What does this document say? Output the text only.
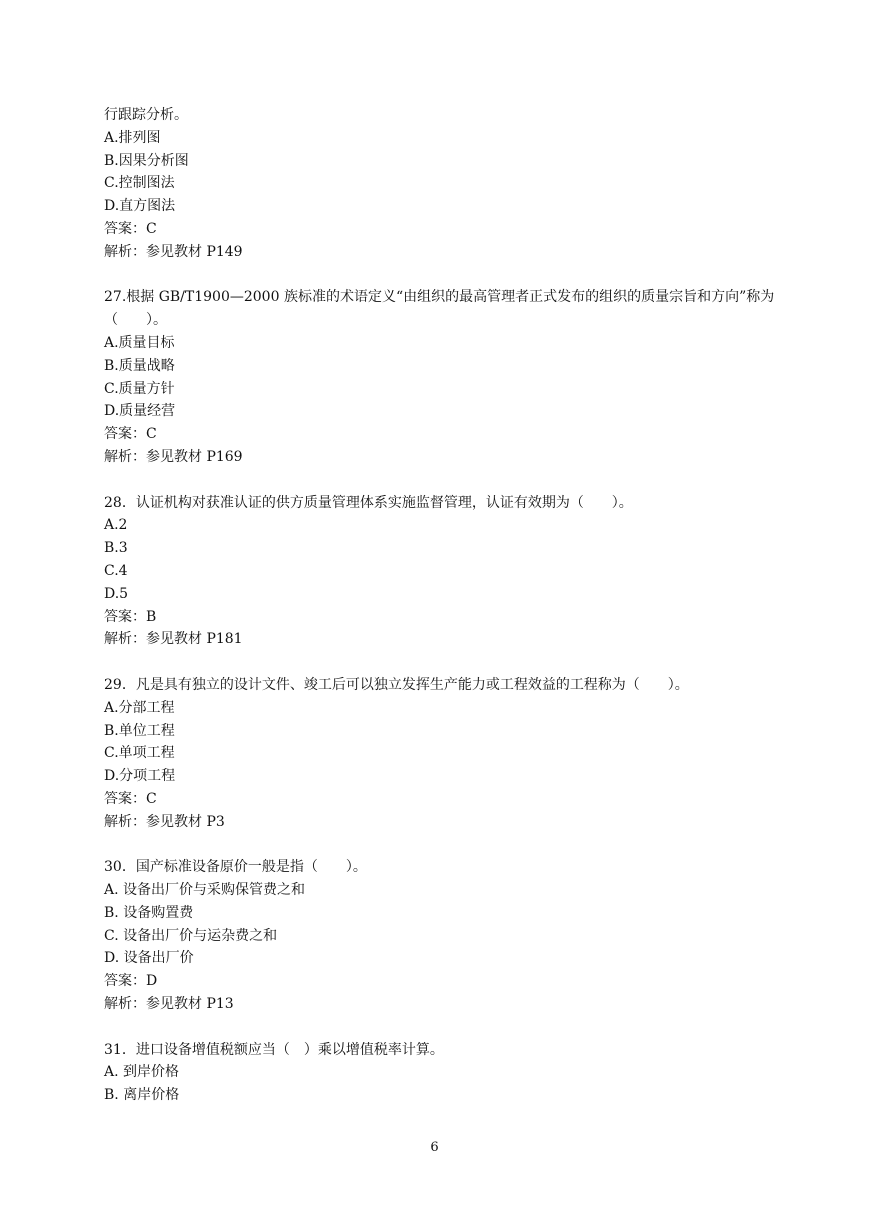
行跟踪分析。
A.排列图
B.因果分析图
C.控制图法
D.直方图法
答案：C
解析：参见教材 P149
27.根据 GB/T1900—2000 族标准的术语定义“由组织的最高管理者正式发布的组织的质量宗旨和方向”称为（　　）。
A.质量目标
B.质量战略
C.质量方针
D.质量经营
答案：C
解析：参见教材 P169
28．认证机构对获准认证的供方质量管理体系实施监督管理，认证有效期为（　　）。
A.2
B.3
C.4
D.5
答案：B
解析：参见教材 P181
29．凡是具有独立的设计文件、竣工后可以独立发挥生产能力或工程效益的工程称为（　　）。
A.分部工程
B.单位工程
C.单项工程
D.分项工程
答案：C
解析：参见教材 P3
30．国产标准设备原价一般是指（　　）。
A. 设备出厂价与采购保管费之和
B. 设备购置费
C. 设备出厂价与运杂费之和
D. 设备出厂价
答案：D
解析：参见教材 P13
31．进口设备增值税额应当（　）乘以增值税率计算。
A. 到岸价格
B. 离岸价格
6
